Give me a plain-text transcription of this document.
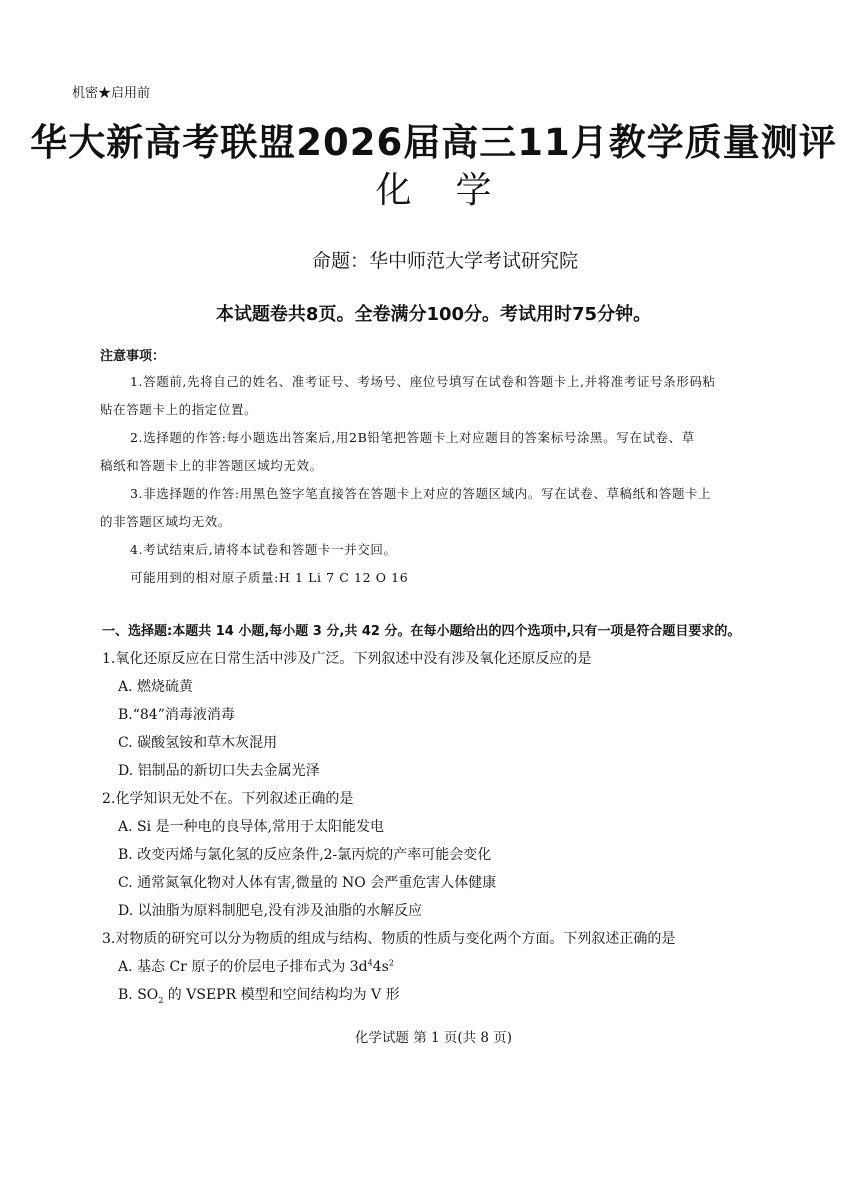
机密★启用前
华大新高考联盟2026届高三11月教学质量测评
化 学
命题：华中师范大学考试研究院
本试题卷共8页。全卷满分100分。考试用时75分钟。
注意事项：
1.答题前,先将自己的姓名、准考证号、考场号、座位号填写在试卷和答题卡上,并将准考证号条形码粘
贴在答题卡上的指定位置。
2.选择题的作答:每小题选出答案后,用2B铅笔把答题卡上对应题目的答案标号涂黑。写在试卷、草
稿纸和答题卡上的非答题区域均无效。
3.非选择题的作答:用黑色签字笔直接答在答题卡上对应的答题区域内。写在试卷、草稿纸和答题卡上
的非答题区域均无效。
4.考试结束后,请将本试卷和答题卡一并交回。
可能用到的相对原子质量:H 1 Li 7 C 12 O 16
一、选择题:本题共 14 小题,每小题 3 分,共 42 分。在每小题给出的四个选项中,只有一项是符合题目要求的。
1.氧化还原反应在日常生活中涉及广泛。下列叙述中没有涉及氧化还原反应的是
A. 燃烧硫黄
B.“84”消毒液消毒
C. 碳酸氢铵和草木灰混用
D. 铝制品的新切口失去金属光泽
2.化学知识无处不在。下列叙述正确的是
A. Si 是一种电的良导体,常用于太阳能发电
B. 改变丙烯与氯化氢的反应条件,2-氯丙烷的产率可能会变化
C. 通常氮氧化物对人体有害,微量的 NO 会严重危害人体健康
D. 以油脂为原料制肥皂,没有涉及油脂的水解反应
3.对物质的研究可以分为物质的组成与结构、物质的性质与变化两个方面。下列叙述正确的是
A. 基态 Cr 原子的价层电子排布式为 $3d^44s^2$
B. $SO_2$ 的 VSEPR 模型和空间结构均为 V 形
化学试题 第 1 页(共 8 页)
